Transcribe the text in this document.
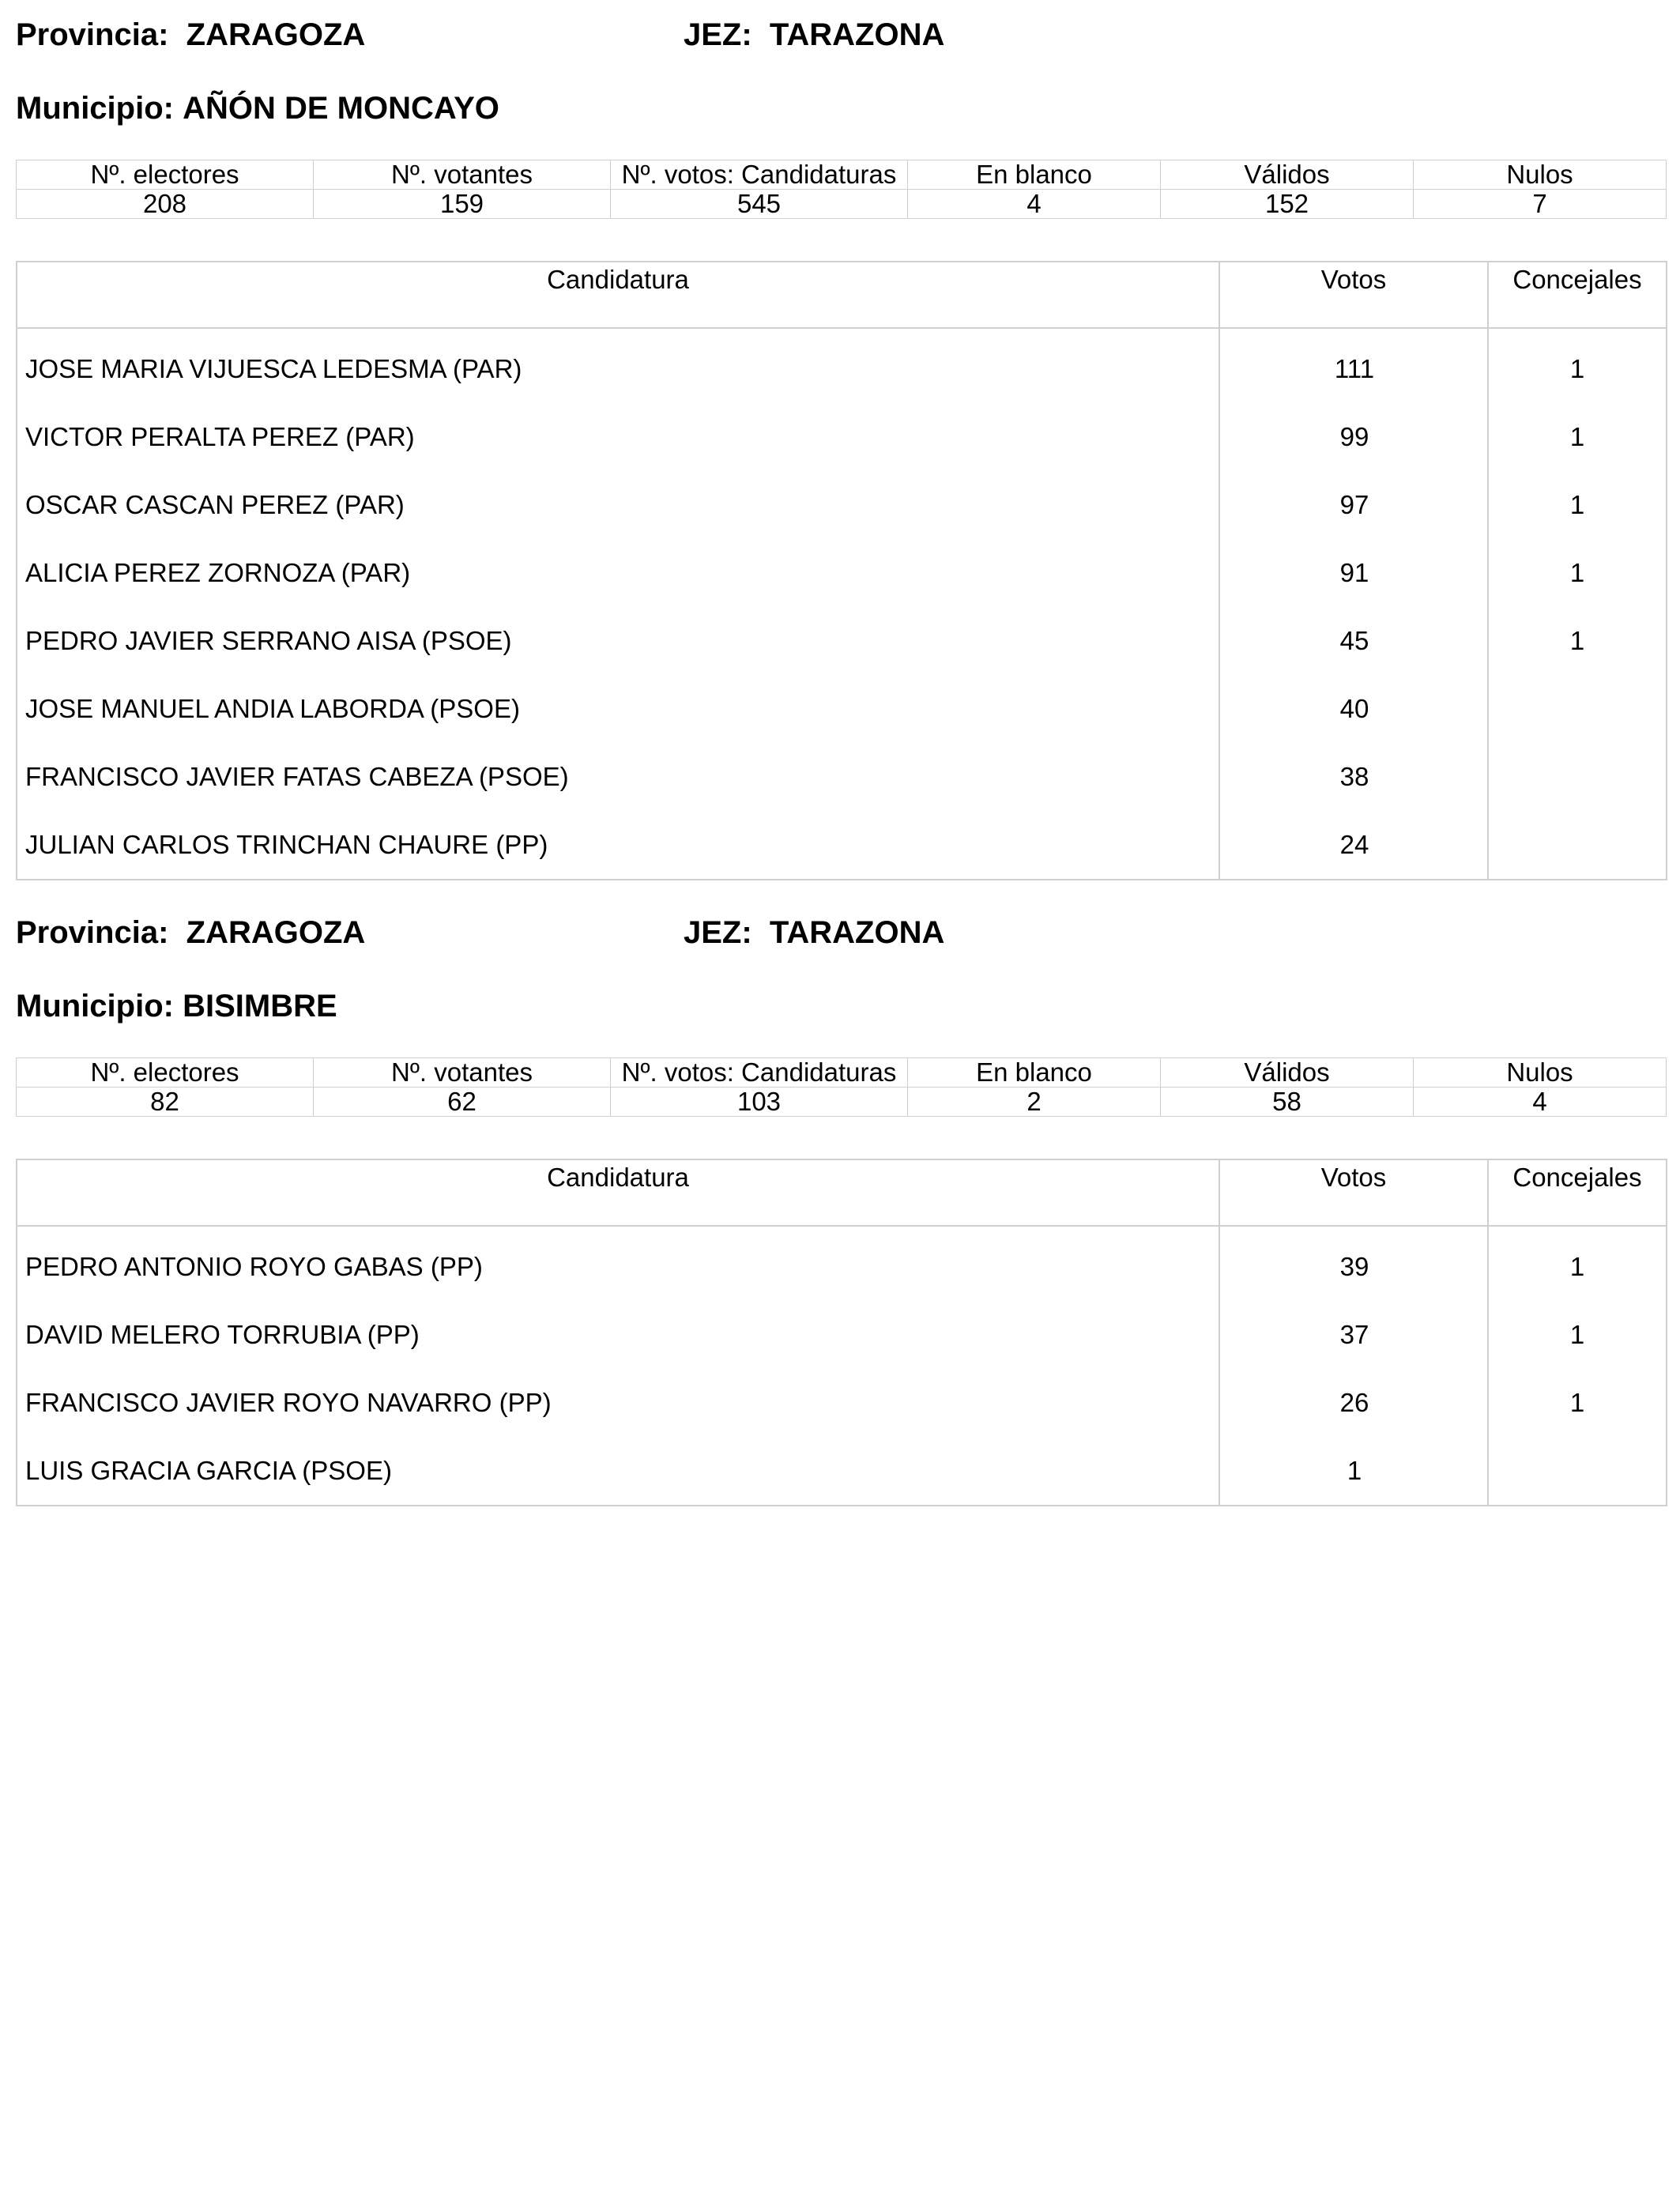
Provincia: ZARAGOZA	JEZ: TARAZONA
Municipio: AÑÓN DE MONCAYO
Nº. electores	Nº. votantes	Nº. votos: Candidaturas	En blanco	Válidos	Nulos
208	159	545	4	152	7
Candidatura	Votos	Concejales
JOSE MARIA VIJUESCA LEDESMA (PAR)	111	1
VICTOR PERALTA PEREZ (PAR)	99	1
OSCAR CASCAN PEREZ (PAR)	97	1
ALICIA PEREZ ZORNOZA (PAR)	91	1
PEDRO JAVIER SERRANO AISA (PSOE)	45	1
JOSE MANUEL ANDIA LABORDA (PSOE)	40
FRANCISCO JAVIER FATAS CABEZA (PSOE)	38
JULIAN CARLOS TRINCHAN CHAURE (PP)	24
Provincia: ZARAGOZA	JEZ: TARAZONA
Municipio: BISIMBRE
Nº. electores	Nº. votantes	Nº. votos: Candidaturas	En blanco	Válidos	Nulos
82	62	103	2	58	4
Candidatura	Votos	Concejales
PEDRO ANTONIO ROYO GABAS (PP)	39	1
DAVID MELERO TORRUBIA (PP)	37	1
FRANCISCO JAVIER ROYO NAVARRO (PP)	26	1
LUIS GRACIA GARCIA (PSOE)	1
